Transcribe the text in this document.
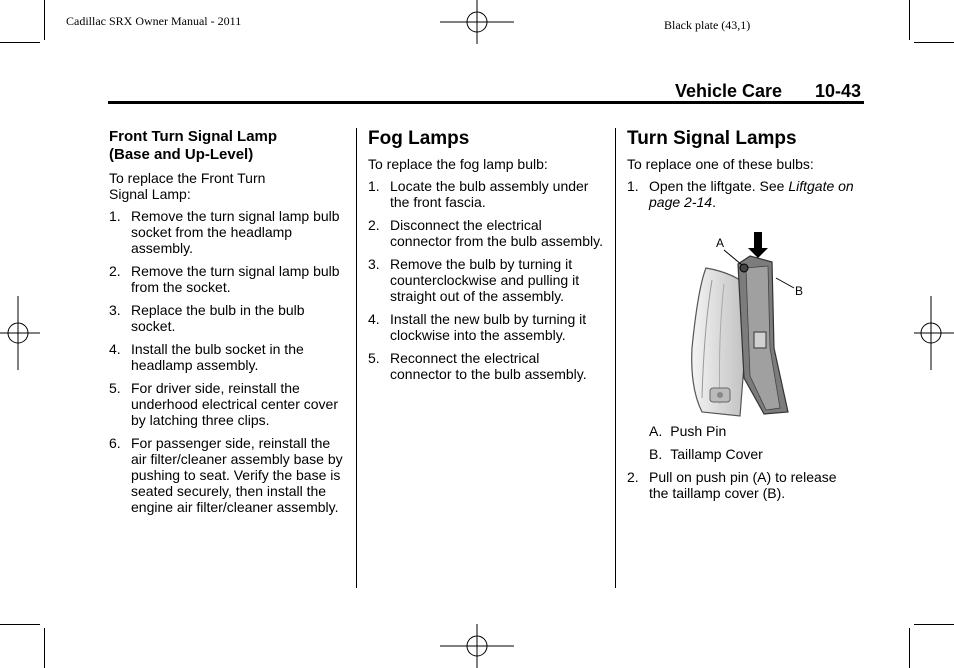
Cadillac SRX Owner Manual - 2011	Black plate (43,1)
Vehicle Care 10-43
Front Turn Signal Lamp
(Base and Up-Level)

To replace the Front Turn Signal Lamp:

1. Remove the turn signal lamp bulb socket from the headlamp assembly.
2. Remove the turn signal lamp bulb from the socket.
3. Replace the bulb in the bulb socket.
4. Install the bulb socket in the headlamp assembly.
5. For driver side, reinstall the underhood electrical center cover by latching three clips.
6. For passenger side, reinstall the air filter/cleaner assembly base by pushing to seat. Verify the base is seated securely, then install the engine air filter/cleaner assembly.
Fog Lamps

To replace the fog lamp bulb:

1. Locate the bulb assembly under the front fascia.
2. Disconnect the electrical connector from the bulb assembly.
3. Remove the bulb by turning it counterclockwise and pulling it straight out of the assembly.
4. Install the new bulb by turning it clockwise into the assembly.
5. Reconnect the electrical connector to the bulb assembly.
Turn Signal Lamps

To replace one of these bulbs:

1. Open the liftgate. See Liftgate on page 2-14.
A
B
A. Push Pin
B. Taillamp Cover
2. Pull on push pin (A) to release the taillamp cover (B).
